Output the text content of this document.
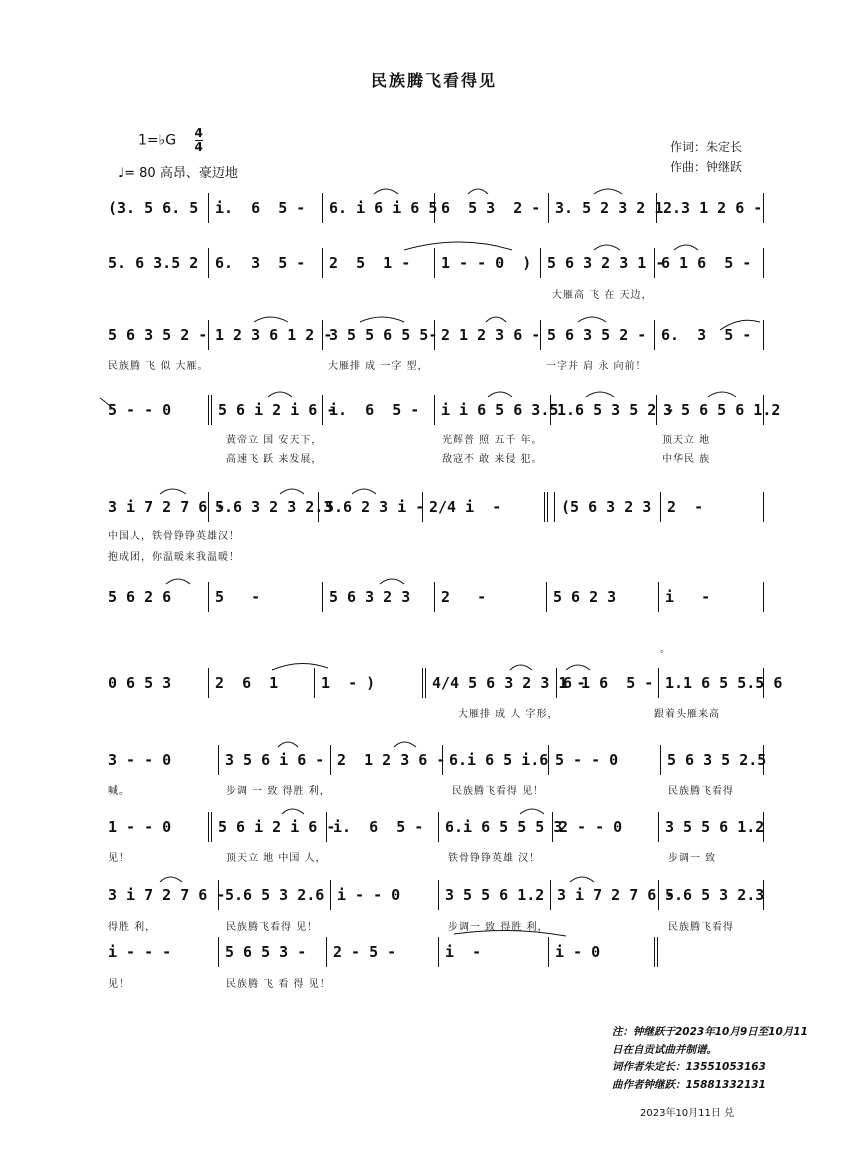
民族腾飞看得见
1=♭G $\frac{4}{4}$
♩= 80 高昂、豪迈地
作词：朱定长
作曲：钟继跃
(3. 5 6. 5	i.  6  5 -	6. i 6 i 6 5 6  5 3  2 - 3. 5 2 3 2 1 2.3 1 2 6 -
5. 6 3.5 2	6.  3  5 -	2  5  1 -	1 - - 0  )	5 6 3 2 3 1 -
6 1 6  5 -

大雁高 飞 在 天边，

5 6 3 5 2 - 1 2 3 6 1 2 -
3 5 5 6 5 5- 2 1 2 3 6 - 5 6 3 5 2 - 6.  3  5 -

民族腾 飞 似 大雁。

	大雁排 成 一字 型，

	一字并 肩 永 向前！

5 - - 0	5 6 i 2 i 6 -
i.  6  5 -	i i 6 5 6 3.5
1.6 5 3 5 2 -
3 5 6 5 6 1.2

黄帝立 国 安天下，

	光辉普 照 五千 年。

	顶天立 地

高速飞 跃 来发展，

	敌寇不 敢 来侵 犯。

	中华民 族

3 i 7 2 7 6 -
5.6 3 2 3 2.3
5.6 2 3 i - 2/4 i  -	(5 6 3 2 3	2  -

中国人，铁骨铮铮英雄汉！

抱成团，你温暖来我温暖！

5 6 2 6	5   -	5 6 3 2 3	2   -	5 6 2 3	i   -
。
0 6 5 3	2  6  1	1  - )	4/4 5 6 3 2 3 1 -
6 1 6  5 - 1.1 6 5 5.5 6

大雁排 成 人 字形，

	跟着头雁来高

3 - - 0	3 5 6 i 6 - 2  1 2 3 6 - 6.i 6 5 i.6 5 - - 0	5 6 3 5 2.5

喊。

	步调 一 致 得胜 利，

	民族腾飞看得 见！

	民族腾飞看得

1 - - 0	5 6 i 2 i 6 -
i.  6  5 -	6.i 6 5 5 5 3
2 - - 0	3 5 5 6 1.2

见！

	顶天立 地 中国 人，

	铁骨铮铮英雄 汉！

	步调一 致

3 i 7 2 7 6 - 5.6 5 3 2.6 i - - 0	3 5 5 6 1.2 3 i 7 2 7 6 -
5.6 5 3 2.3

得胜 利，

	民族腾飞看得 见！

	步调一 致 得胜 利，

	民族腾飞看得

i - - -	5 6 5 3 -	2 - 5 -	i  -	i - 0

见！

	民族腾 飞 看 得 见！

注：钟继跃于2023年10月9日至10月11
日在自贡试曲并制谱。
词作者朱定长：13551053163
曲作者钟继跃：15881332131
2023年10月11日 兑
